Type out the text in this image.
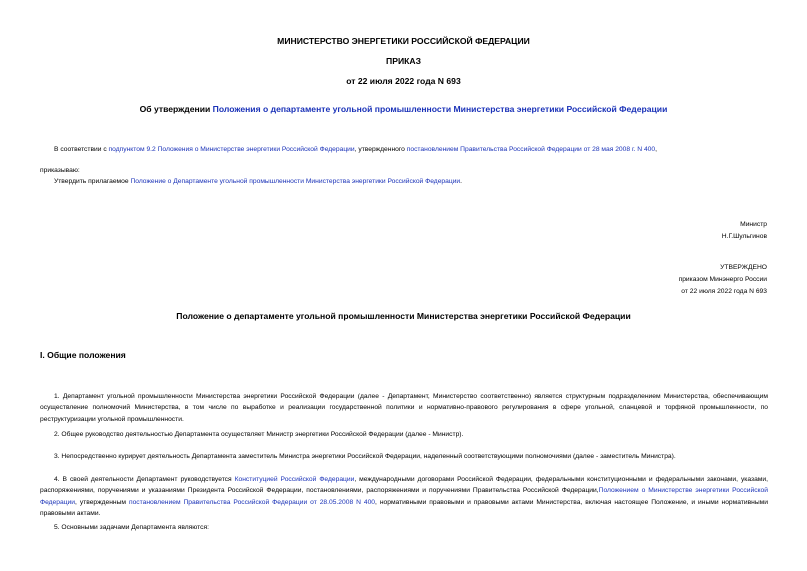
МИНИСТЕРСТВО ЭНЕРГЕТИКИ РОССИЙСКОЙ ФЕДЕРАЦИИ
ПРИКАЗ
от 22 июля 2022 года N 693
Об утверждении Положения о департаменте угольной промышленности Министерства энергетики Российской Федерации
В соответствии с подпунктом 9.2 Положения о Министерстве энергетики Российской Федерации, утвержденного постановлением Правительства Российской Федерации от 28 мая 2008 г. N 400,
приказываю:
Утвердить прилагаемое Положение о Департаменте угольной промышленности Министерства энергетики Российской Федерации.
Министр
Н.Г.Шульгинов
УТВЕРЖДЕНО
приказом Минэнерго России
от 22 июля 2022 года N 693
Положение о департаменте угольной промышленности Министерства энергетики Российской Федерации
I. Общие положения
1. Департамент угольной промышленности Министерства энергетики Российской Федерации (далее - Департамент, Министерство соответственно) является структурным подразделением Министерства, обеспечивающим осуществление полномочий Министерства, в том числе по выработке и реализации государственной политики и нормативно-правового регулирования в сфере угольной, сланцевой и торфяной промышленности, по реструктуризации угольной промышленности.
2. Общее руководство деятельностью Департамента осуществляет Министр энергетики Российской Федерации (далее - Министр).
3. Непосредственно курирует деятельность Департамента заместитель Министра энергетики Российской Федерации, наделенный соответствующими полномочиями (далее - заместитель Министра).
4. В своей деятельности Департамент руководствуется Конституцией Российской Федерации, международными договорами Российской Федерации, федеральными конституционными и федеральными законами, указами, распоряжениями, поручениями и указаниями Президента Российской Федерации, постановлениями, распоряжениями и поручениями Правительства Российской Федерации,Положением о Министерстве энергетики Российской Федерации, утвержденным постановлением Правительства Российской Федерации от 28.05.2008 N 400, нормативными правовыми и правовыми актами Министерства, включая настоящее Положение, и иными нормативными правовыми актами.
5. Основными задачами Департамента являются:
